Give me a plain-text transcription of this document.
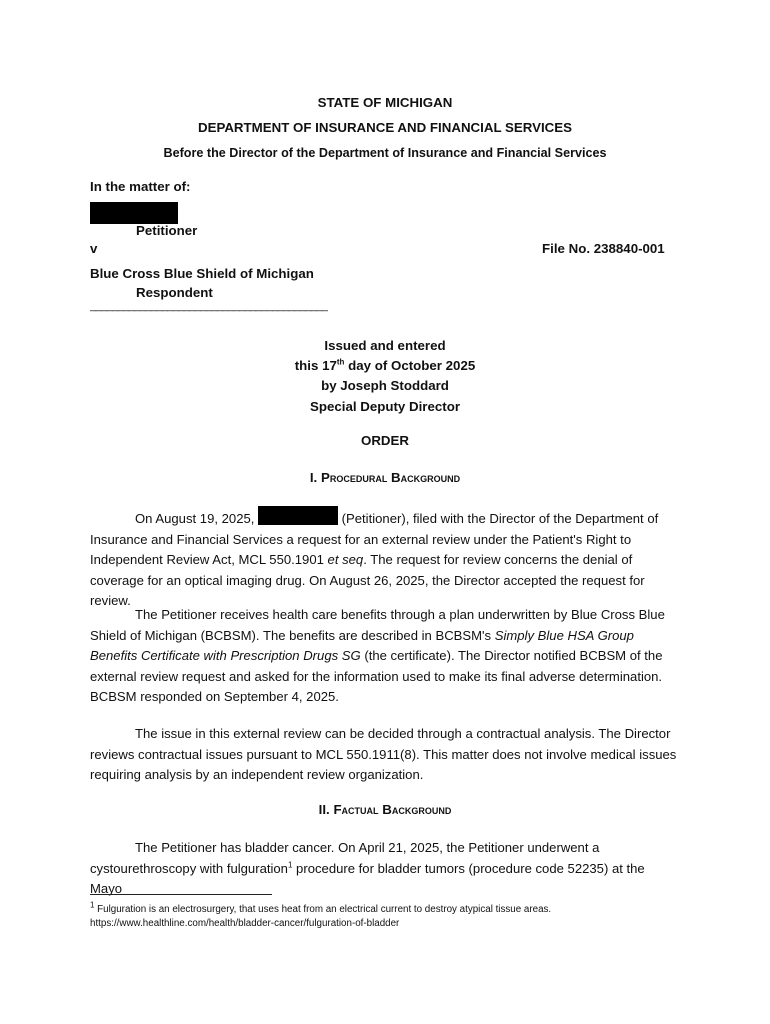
STATE OF MICHIGAN
DEPARTMENT OF INSURANCE AND FINANCIAL SERVICES
Before the Director of the Department of Insurance and Financial Services
In the matter of:
Petitioner
v	File No. 238840-001
Blue Cross Blue Shield of Michigan
Respondent
___________________________________________
Issued and entered
this 17th day of October 2025
by Joseph Stoddard
Special Deputy Director
ORDER
I. Procedural Background
On August 19, 2025,	(Petitioner), filed with the Director of the Department of Insurance and Financial Services a request for an external review under the Patient's Right to Independent Review Act, MCL 550.1901 et seq. The request for review concerns the denial of coverage for an optical imaging drug. On August 26, 2025, the Director accepted the request for review.
The Petitioner receives health care benefits through a plan underwritten by Blue Cross Blue Shield of Michigan (BCBSM). The benefits are described in BCBSM's Simply Blue HSA Group Benefits Certificate with Prescription Drugs SG (the certificate). The Director notified BCBSM of the external review request and asked for the information used to make its final adverse determination. BCBSM responded on September 4, 2025.
The issue in this external review can be decided through a contractual analysis. The Director reviews contractual issues pursuant to MCL 550.1911(8). This matter does not involve medical issues requiring analysis by an independent review organization.
II. Factual Background
The Petitioner has bladder cancer. On April 21, 2025, the Petitioner underwent a cystourethroscopy with fulguration$^1$ procedure for bladder tumors (procedure code 52235) at the Mayo
$^1$ Fulguration is an electrosurgery, that uses heat from an electrical current to destroy atypical tissue areas.
https://www.healthline.com/health/bladder-cancer/fulguration-of-bladder
